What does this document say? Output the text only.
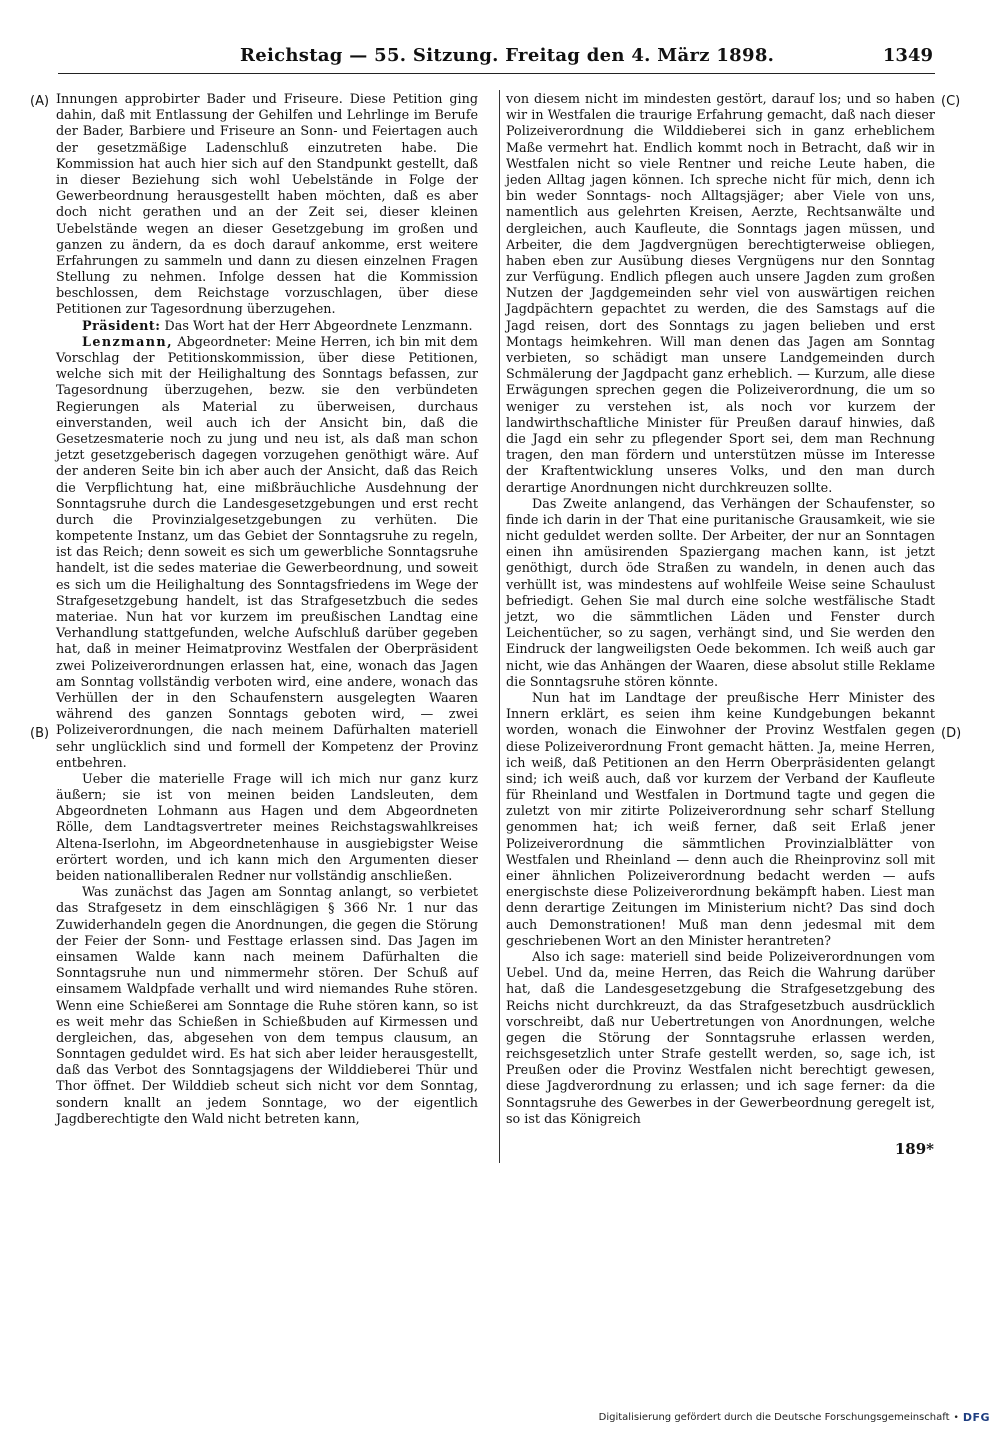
Reichstag — 55. Sitzung. Freitag den 4. März 1898.	1349
(A)
(B)
(C)
(D)

Innungen approbirter Bader und Friseure. Diese Petition ging dahin, daß mit Entlassung der Gehilfen und Lehrlinge im Berufe der Bader, Barbiere und Friseure an Sonn- und Feiertagen auch der gesetzmäßige Ladenschluß einzutreten habe. Die Kommission hat auch hier sich auf den Standpunkt gestellt, daß in dieser Beziehung sich wohl Uebelstände in Folge der Gewerbeordnung herausgestellt haben möchten, daß es aber doch nicht gerathen und an der Zeit sei, dieser kleinen Uebelstände wegen an dieser Gesetzgebung im großen und ganzen zu ändern, da es doch darauf ankomme, erst weitere Erfahrungen zu sammeln und dann zu diesen einzelnen Fragen Stellung zu nehmen. Infolge dessen hat die Kommission beschlossen, dem Reichstage vorzuschlagen, über diese Petitionen zur Tagesordnung überzugehen.

Präsident: Das Wort hat der Herr Abgeordnete Lenzmann.

Lenzmann, Abgeordneter: Meine Herren, ich bin mit dem Vorschlag der Petitionskommission, über diese Petitionen, welche sich mit der Heilighaltung des Sonntags befassen, zur Tagesordnung überzugehen, bezw. sie den verbündeten Regierungen als Material zu überweisen, durchaus einverstanden, weil auch ich der Ansicht bin, daß die Gesetzesmaterie noch zu jung und neu ist, als daß man schon jetzt gesetzgeberisch dagegen vorzugehen genöthigt wäre. Auf der anderen Seite bin ich aber auch der Ansicht, daß das Reich die Verpflichtung hat, eine mißbräuchliche Ausdehnung der Sonntagsruhe durch die Landesgesetzgebungen und erst recht durch die Provinzialgesetzgebungen zu verhüten. Die kompetente Instanz, um das Gebiet der Sonntagsruhe zu regeln, ist das Reich; denn soweit es sich um gewerbliche Sonntagsruhe handelt, ist die sedes materiae die Gewerbeordnung, und soweit es sich um die Heilighaltung des Sonntagsfriedens im Wege der Strafgesetzgebung handelt, ist das Strafgesetzbuch die sedes materiae. Nun hat vor kurzem im preußischen Landtag eine Verhandlung stattgefunden, welche Aufschluß darüber gegeben hat, daß in meiner Heimatprovinz Westfalen der Oberpräsident zwei Polizeiverordnungen erlassen hat, eine, wonach das Jagen am Sonntag vollständig verboten wird, eine andere, wonach das Verhüllen der in den Schaufenstern ausgelegten Waaren während des ganzen Sonntags geboten wird, — zwei Polizeiverordnungen, die nach meinem Dafürhalten materiell sehr unglücklich sind und formell der Kompetenz der Provinz entbehren.

Ueber die materielle Frage will ich mich nur ganz kurz äußern; sie ist von meinen beiden Landsleuten, dem Abgeordneten Lohmann aus Hagen und dem Abgeordneten Rölle, dem Landtagsvertreter meines Reichstagswahlkreises Altena-Iserlohn, im Abgeordnetenhause in ausgiebigster Weise erörtert worden, und ich kann mich den Argumenten dieser beiden nationalliberalen Redner nur vollständig anschließen.

Was zunächst das Jagen am Sonntag anlangt, so verbietet das Strafgesetz in dem einschlägigen § 366 Nr. 1 nur das Zuwiderhandeln gegen die Anordnungen, die gegen die Störung der Feier der Sonn- und Festtage erlassen sind. Das Jagen im einsamen Walde kann nach meinem Dafürhalten die Sonntagsruhe nun und nimmermehr stören. Der Schuß auf einsamem Waldpfade verhallt und wird niemandes Ruhe stören. Wenn eine Schießerei am Sonntage die Ruhe stören kann, so ist es weit mehr das Schießen in Schießbuden auf Kirmessen und dergleichen, das, abgesehen von dem tempus clausum, an Sonntagen geduldet wird. Es hat sich aber leider herausgestellt, daß das Verbot des Sonntagsjagens der Wilddieberei Thür und Thor öffnet. Der Wilddieb scheut sich nicht vor dem Sonntag, sondern knallt an jedem Sonntage, wo der eigentlich Jagdberechtigte den Wald nicht betreten kann,

von diesem nicht im mindesten gestört, darauf los; und so haben wir in Westfalen die traurige Erfahrung gemacht, daß nach dieser Polizeiverordnung die Wilddieberei sich in ganz erheblichem Maße vermehrt hat. Endlich kommt noch in Betracht, daß wir in Westfalen nicht so viele Rentner und reiche Leute haben, die jeden Alltag jagen können. Ich spreche nicht für mich, denn ich bin weder Sonntags- noch Alltagsjäger; aber Viele von uns, namentlich aus gelehrten Kreisen, Aerzte, Rechtsanwälte und dergleichen, auch Kaufleute, die Sonntags jagen müssen, und Arbeiter, die dem Jagdvergnügen berechtigterweise obliegen, haben eben zur Ausübung dieses Vergnügens nur den Sonntag zur Verfügung. Endlich pflegen auch unsere Jagden zum großen Nutzen der Jagdgemeinden sehr viel von auswärtigen reichen Jagdpächtern gepachtet zu werden, die des Samstags auf die Jagd reisen, dort des Sonntags zu jagen belieben und erst Montags heimkehren. Will man denen das Jagen am Sonntag verbieten, so schädigt man unsere Landgemeinden durch Schmälerung der Jagdpacht ganz erheblich. — Kurzum, alle diese Erwägungen sprechen gegen die Polizeiverordnung, die um so weniger zu verstehen ist, als noch vor kurzem der landwirthschaftliche Minister für Preußen darauf hinwies, daß die Jagd ein sehr zu pflegender Sport sei, dem man Rechnung tragen, den man fördern und unterstützen müsse im Interesse der Kraftentwicklung unseres Volks, und den man durch derartige Anordnungen nicht durchkreuzen sollte.

Das Zweite anlangend, das Verhängen der Schaufenster, so finde ich darin in der That eine puritanische Grausamkeit, wie sie nicht geduldet werden sollte. Der Arbeiter, der nur an Sonntagen einen ihn amüsirenden Spaziergang machen kann, ist jetzt genöthigt, durch öde Straßen zu wandeln, in denen auch das verhüllt ist, was mindestens auf wohlfeile Weise seine Schaulust befriedigt. Gehen Sie mal durch eine solche westfälische Stadt jetzt, wo die sämmtlichen Läden und Fenster durch Leichentücher, so zu sagen, verhängt sind, und Sie werden den Eindruck der langweiligsten Oede bekommen. Ich weiß auch gar nicht, wie das Anhängen der Waaren, diese absolut stille Reklame die Sonntagsruhe stören könnte.

Nun hat im Landtage der preußische Herr Minister des Innern erklärt, es seien ihm keine Kundgebungen bekannt worden, wonach die Einwohner der Provinz Westfalen gegen diese Polizeiverordnung Front gemacht hätten. Ja, meine Herren, ich weiß, daß Petitionen an den Herrn Oberpräsidenten gelangt sind; ich weiß auch, daß vor kurzem der Verband der Kaufleute für Rheinland und Westfalen in Dortmund tagte und gegen die zuletzt von mir zitirte Polizeiverordnung sehr scharf Stellung genommen hat; ich weiß ferner, daß seit Erlaß jener Polizeiverordnung die sämmtlichen Provinzialblätter von Westfalen und Rheinland — denn auch die Rheinprovinz soll mit einer ähnlichen Polizeiverordnung bedacht werden — aufs energischste diese Polizeiverordnung bekämpft haben. Liest man denn derartige Zeitungen im Ministerium nicht? Das sind doch auch Demonstrationen! Muß man denn jedesmal mit dem geschriebenen Wort an den Minister herantreten?

Also ich sage: materiell sind beide Polizeiverordnungen vom Uebel. Und da, meine Herren, das Reich die Wahrung darüber hat, daß die Landesgesetzgebung die Strafgesetzgebung des Reichs nicht durchkreuzt, da das Strafgesetzbuch ausdrücklich vorschreibt, daß nur Uebertretungen von Anordnungen, welche gegen die Störung der Sonntagsruhe erlassen werden, reichsgesetzlich unter Strafe gestellt werden, so, sage ich, ist Preußen oder die Provinz Westfalen nicht berechtigt gewesen, diese Jagdverordnung zu erlassen; und ich sage ferner: da die Sonntagsruhe des Gewerbes in der Gewerbeordnung geregelt ist, so ist das Königreich

189*
Digitalisierung gefördert durch die Deutsche Forschungsgemeinschaft • DFG
